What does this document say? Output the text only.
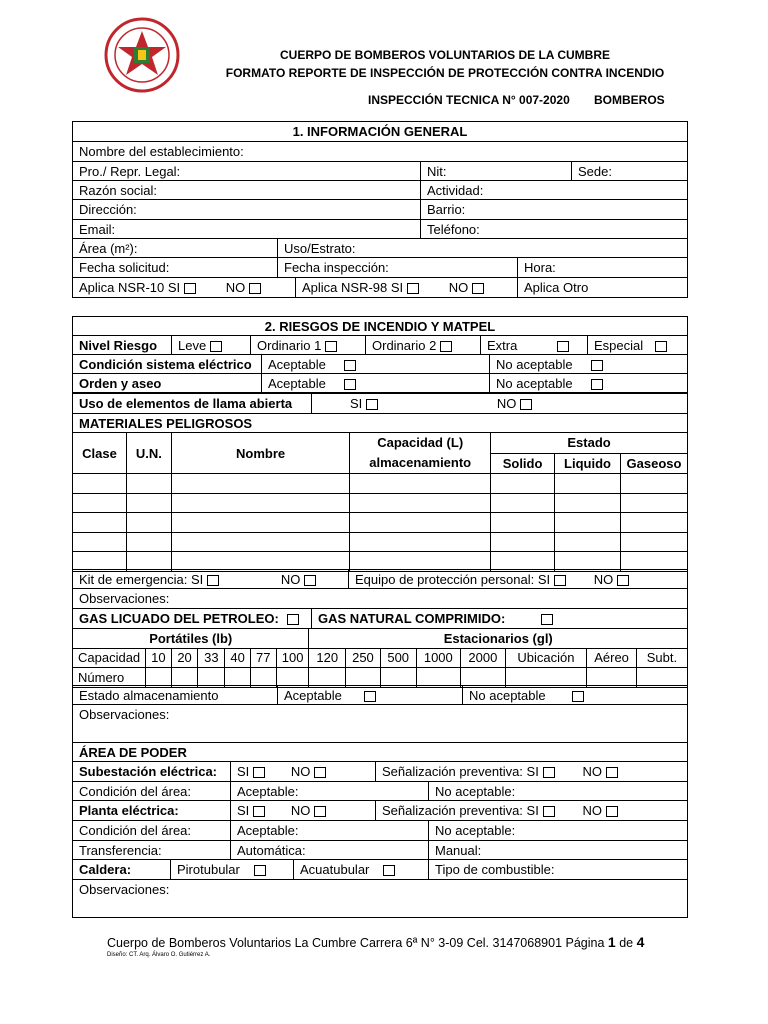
CUERPO DE BOMBEROS VOLUNTARIOS DE LA CUMBRE
FORMATO REPORTE DE INSPECCIÓN DE PROTECCIÓN CONTRA INCENDIO
INSPECCIÓN TECNICA N° 007-2020 BOMBEROS
1. INFORMACIÓN GENERAL
Nombre del establecimiento:
Pro./ Repr. Legal:	Nit:	Sede:
Razón social:	Actividad:
Dirección:	Barrio:
Email:	Teléfono:
Área (m²):	Uso/Estrato:
Fecha solicitud:	Fecha inspección:	Hora:
Aplica NSR-10 SI	NO	Aplica NSR-98 SI	NO	Aplica Otro
2. RIESGOS DE INCENDIO Y MATPEL
Nivel Riesgo	Leve	Ordinario 1	Ordinario 2	Extra	Especial
Condición sistema eléctrico	Aceptable	No aceptable
Orden y aseo	Aceptable	No aceptable
Uso de elementos de llama abierta	SI	NO
MATERIALES PELIGROSOS
Clase	U.N.	Nombre	Capacidad (L) almacenamiento	Estado		
				Solido	Liquido	Gaseoso

Kit de emergencia: SI	NO	Equipo de protección personal: SI	NO
Observaciones:
GAS LICUADO DEL PETROLEO:	GAS NATURAL COMPRIMIDO:
Portátiles (lb)							Estacionarios (gl)							
Capacidad	10	20	33	40	77	100	120	250	500	1000	2000	Ubicación	Aéreo	Subt.
Número														
Estado almacenamiento	Aceptable	No aceptable
Observaciones:
ÁREA DE PODER
Subestación eléctrica:	SI	NO	Señalización preventiva: SI	NO
Condición del área:	Aceptable:	No aceptable:
Planta eléctrica:	SI	NO	Señalización preventiva: SI	NO
Condición del área:	Aceptable:	No aceptable:
Transferencia:	Automática:	Manual:
Caldera:	Pirotubular	Acuatubular	Tipo de combustible:
Observaciones:
Cuerpo de Bomberos Voluntarios La Cumbre Carrera 6ª N° 3-09 Cel. 3147068901 Página 1 de 4
Diseño: CT. Arq. Álvaro O. Gutiérrez A.
